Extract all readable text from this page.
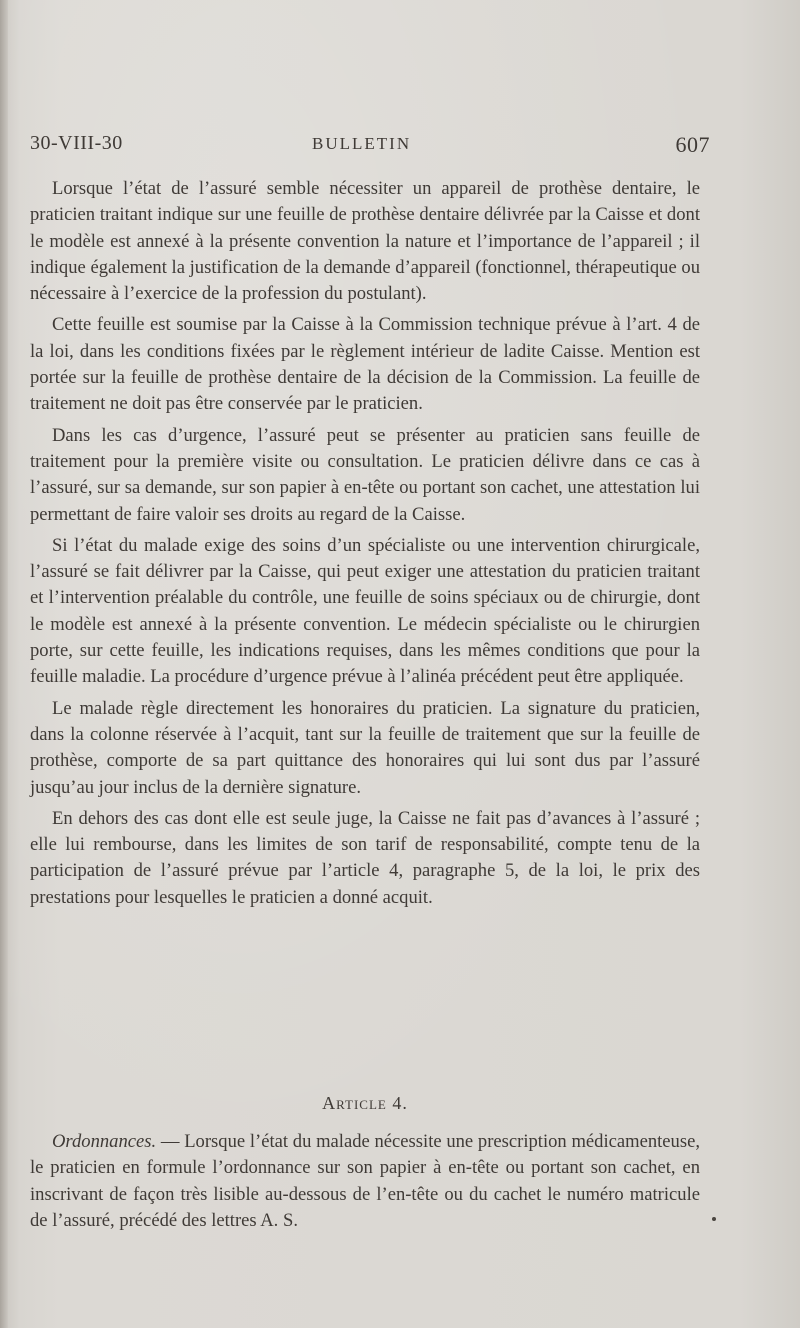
30-VIII-30	BULLETIN	607

Lorsque l’état de l’assuré semble nécessiter un appareil de prothèse dentaire, le praticien traitant indique sur une feuille de prothèse dentaire délivrée par la Caisse et dont le modèle est annexé à la présente convention la nature et l’importance de l’appareil ; il indique également la justification de la demande d’appareil (fonctionnel, thérapeutique ou nécessaire à l’exercice de la profession du postulant).

Cette feuille est soumise par la Caisse à la Commission technique prévue à l’art. 4 de la loi, dans les conditions fixées par le règlement intérieur de ladite Caisse. Mention est portée sur la feuille de prothèse dentaire de la décision de la Commission. La feuille de traitement ne doit pas être conservée par le praticien.

Dans les cas d’urgence, l’assuré peut se présenter au praticien sans feuille de traitement pour la première visite ou consultation. Le praticien délivre dans ce cas à l’assuré, sur sa demande, sur son papier à en-tête ou portant son cachet, une attestation lui permettant de faire valoir ses droits au regard de la Caisse.

Si l’état du malade exige des soins d’un spécialiste ou une intervention chirurgicale, l’assuré se fait délivrer par la Caisse, qui peut exiger une attestation du praticien traitant et l’intervention préalable du contrôle, une feuille de soins spéciaux ou de chirurgie, dont le modèle est annexé à la présente convention. Le médecin spécialiste ou le chirurgien porte, sur cette feuille, les indications requises, dans les mêmes conditions que pour la feuille maladie. La procédure d’urgence prévue à l’alinéa précédent peut être appliquée.

Le malade règle directement les honoraires du praticien. La signature du praticien, dans la colonne réservée à l’acquit, tant sur la feuille de traitement que sur la feuille de prothèse, comporte de sa part quittance des honoraires qui lui sont dus par l’assuré jusqu’au jour inclus de la dernière signature.

En dehors des cas dont elle est seule juge, la Caisse ne fait pas d’avances à l’assuré ; elle lui rembourse, dans les limites de son tarif de responsabilité, compte tenu de la participation de l’assuré prévue par l’article 4, paragraphe 5, de la loi, le prix des prestations pour lesquelles le praticien a donné acquit.

Article 4.

Ordonnances. — Lorsque l’état du malade nécessite une prescription médicamenteuse, le praticien en formule l’ordonnance sur son papier à en-tête ou portant son cachet, en inscrivant de façon très lisible au-dessous de l’en-tête ou du cachet le numéro matricule de l’assuré, précédé des lettres A. S.
